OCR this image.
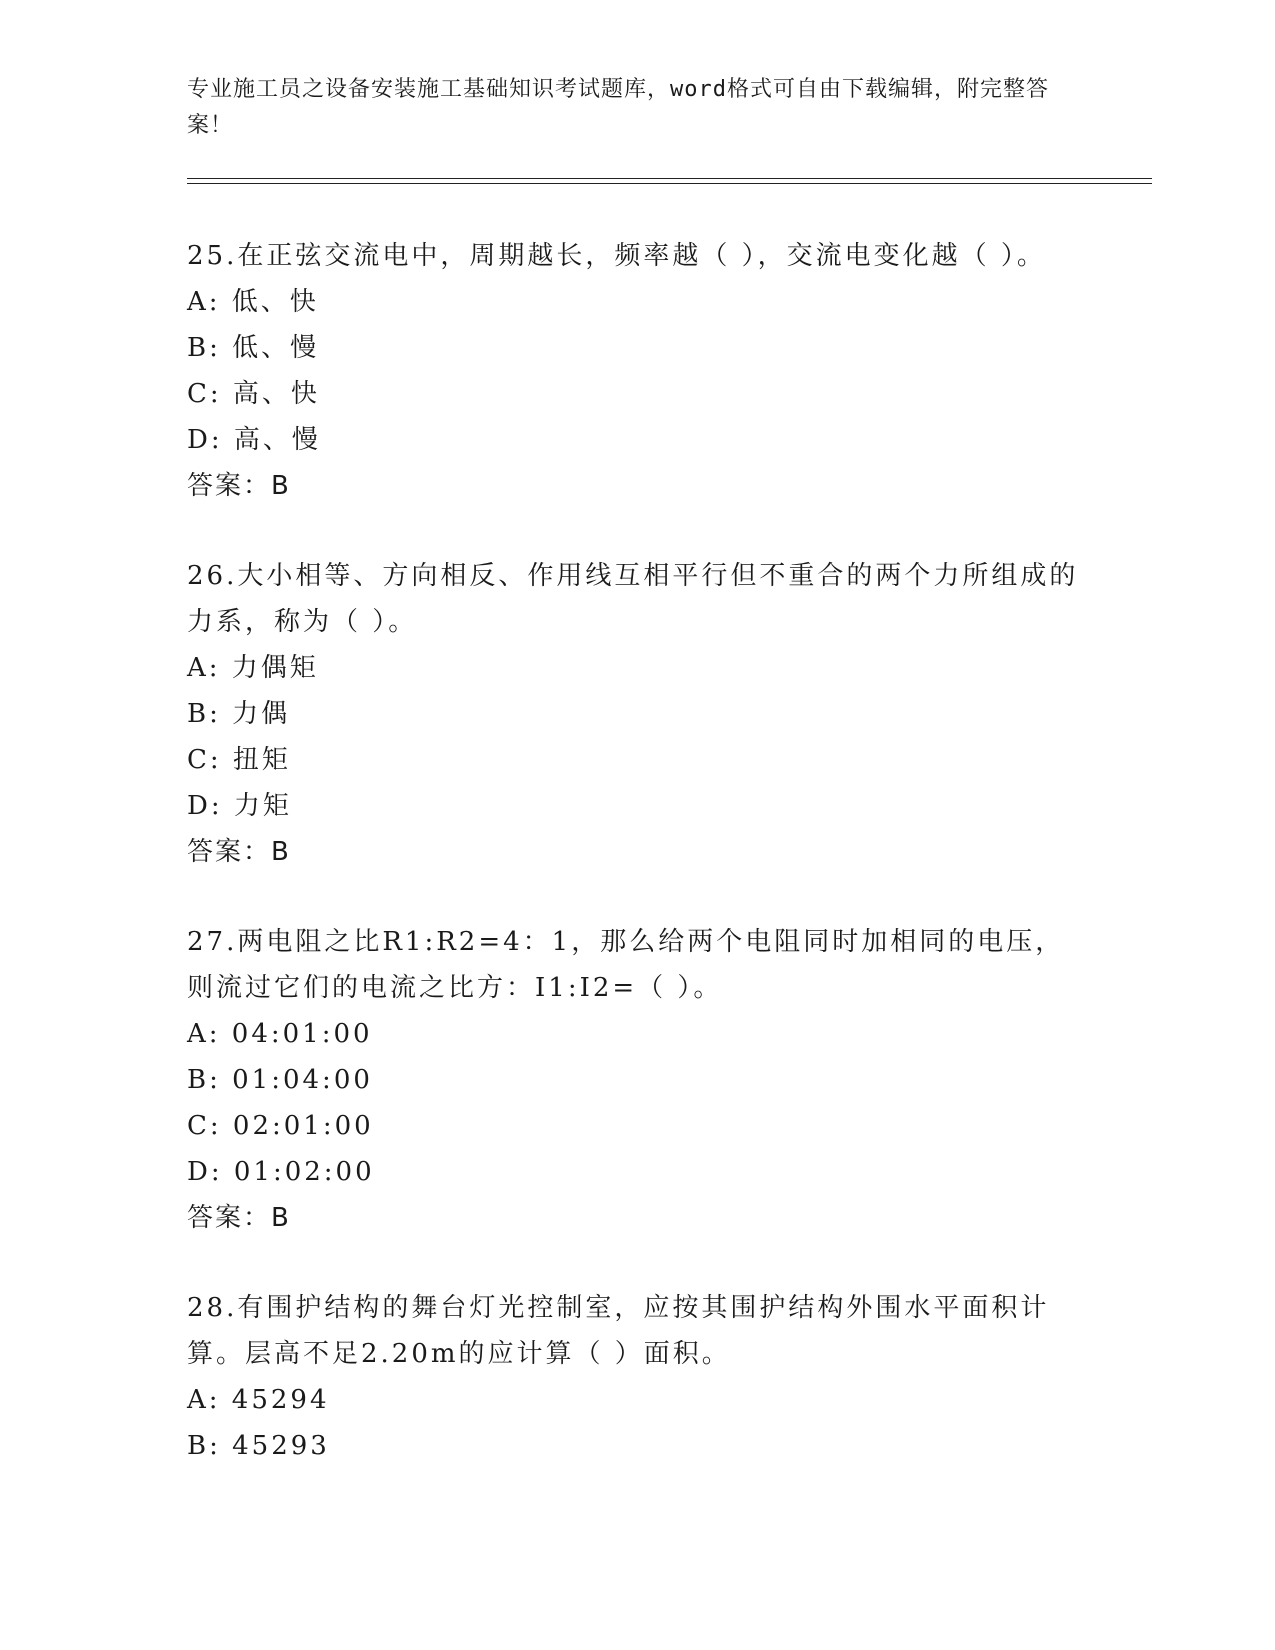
专业施工员之设备安装施工基础知识考试题库，word格式可自由下载编辑，附完整答案！
25.在正弦交流电中，周期越长，频率越（ ），交流电变化越（ ）。
A: 低、快
B: 低、慢
C: 高、快
D: 高、慢
答案：B
26.大小相等、方向相反、作用线互相平行但不重合的两个力所组成的力系，称为（ ）。
A: 力偶矩
B: 力偶
C: 扭矩
D: 力矩
答案：B
27.两电阻之比R1:R2=4：1，那么给两个电阻同时加相同的电压，则流过它们的电流之比方：I1:I2=（ ）。
A: 04:01:00
B: 01:04:00
C: 02:01:00
D: 01:02:00
答案：B
28.有围护结构的舞台灯光控制室，应按其围护结构外围水平面积计算。层高不足2.20m的应计算（ ）面积。
A: 45294
B: 45293
